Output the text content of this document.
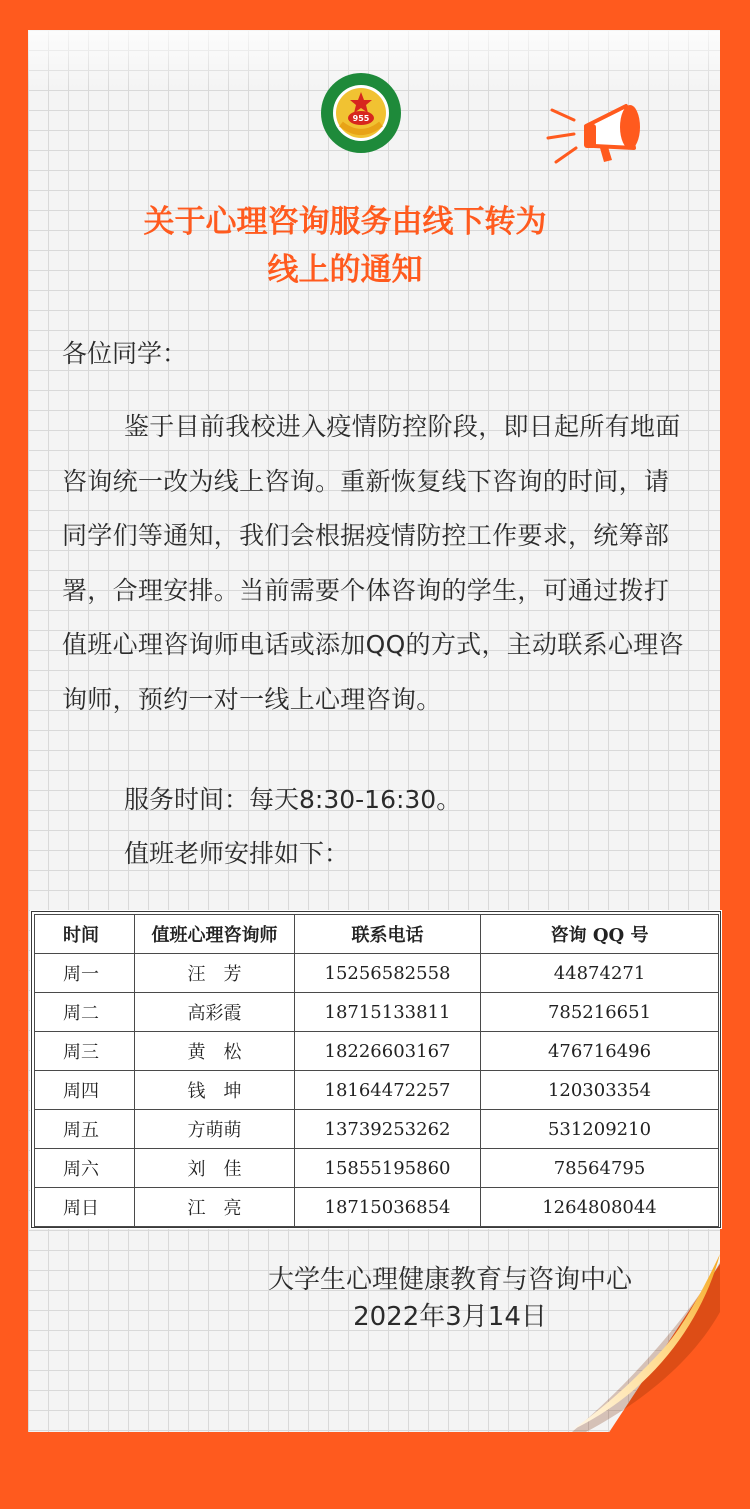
955
关于心理咨询服务由线下转为
线上的通知
各位同学：

鉴于目前我校进入疫情防控阶段，即日起所有地面咨询统一改为线上咨询。重新恢复线下咨询的时间，请同学们等通知，我们会根据疫情防控工作要求，统筹部署，合理安排。当前需要个体咨询的学生，可通过拨打值班心理咨询师电话或添加QQ的方式，主动联系心理咨询师，预约一对一线上心理咨询。

服务时间：每天8:30-16:30。
值班老师安排如下：
时间	值班心理咨询师	联系电话	咨询 QQ 号
周一	汪　芳	15256582558	44874271
周二	高彩霞	18715133811	785216651
周三	黄　松	18226603167	476716496
周四	钱　坤	18164472257	120303354
周五	方萌萌	13739253262	531209210
周六	刘　佳	15855195860	78564795
周日	江　亮	18715036854	1264808044
大学生心理健康教育与咨询中心
2022年3月14日
